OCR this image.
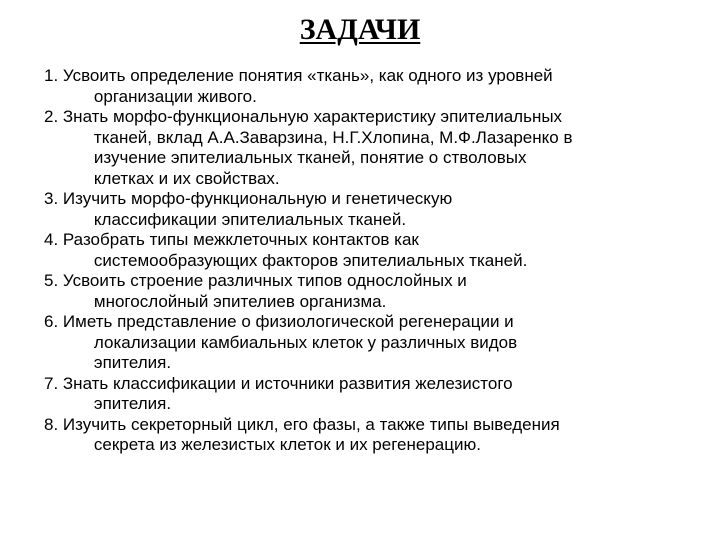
ЗАДАЧИ
1. Усвоить определение понятия «ткань», как одного из уровней
организации живого.
2. Знать морфо-функциональную характеристику эпителиальных
тканей, вклад А.А.Заварзина, Н.Г.Хлопина, М.Ф.Лазаренко в
изучение эпителиальных тканей, понятие о стволовых
клетках и их свойствах.
3. Изучить морфо-функциональную и генетическую
классификации эпителиальных тканей.
4. Разобрать типы межклеточных контактов как
системообразующих факторов эпителиальных тканей.
5. Усвоить строение различных типов однослойных и
многослойный эпителиев организма.
6. Иметь представление о физиологической регенерации и
локализации камбиальных клеток у различных видов
эпителия.
7. Знать классификации и источники развития железистого
эпителия.
8. Изучить секреторный цикл, его фазы, а также типы выведения
секрета из железистых клеток и их регенерацию.
